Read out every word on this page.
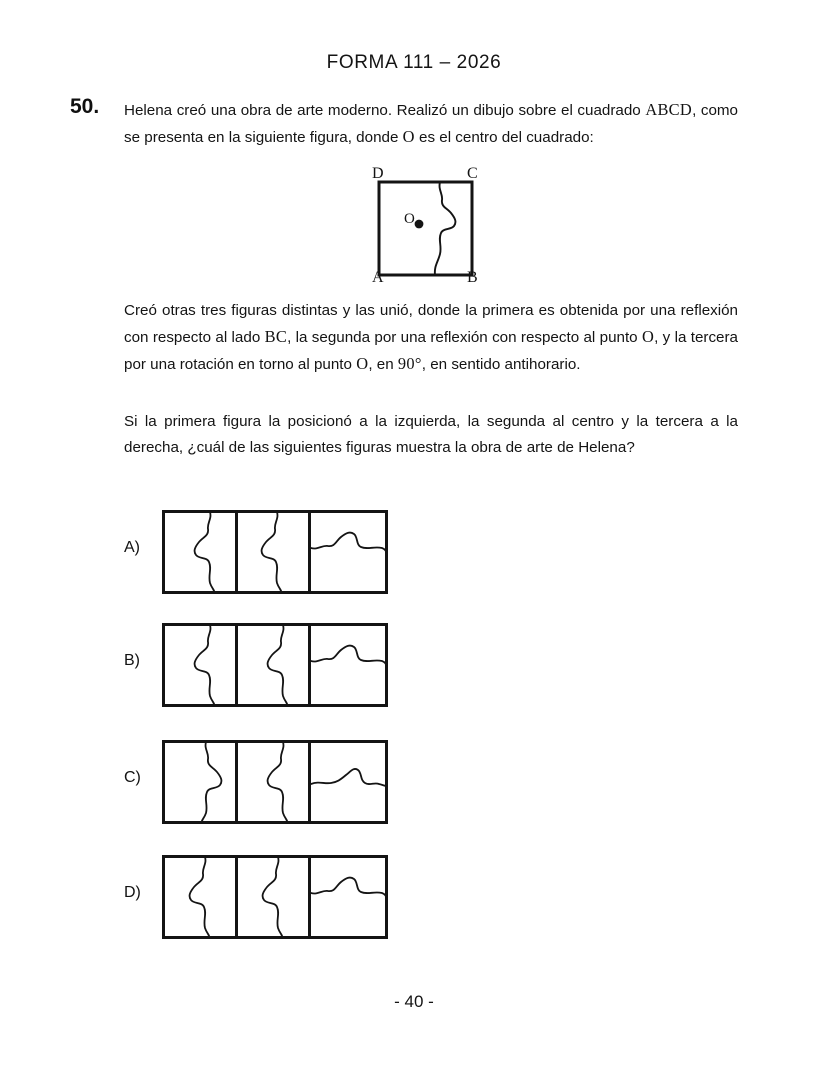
FORMA 111 – 2026
50. Helena creó una obra de arte moderno. Realizó un dibujo sobre el cuadrado ABCD, como se presenta en la siguiente figura, donde O es el centro del cuadrado:

D	C
A	B
O

Creó otras tres figuras distintas y las unió, donde la primera es obtenida por una reflexión con respecto al lado BC, la segunda por una reflexión con respecto al punto O, y la tercera por una rotación en torno al punto O, en 90°, en sentido antihorario.

Si la primera figura la posicionó a la izquierda, la segunda al centro y la tercera a la derecha, ¿cuál de las siguientes figuras muestra la obra de arte de Helena?

A)
B)
C)
D)
- 40 -
